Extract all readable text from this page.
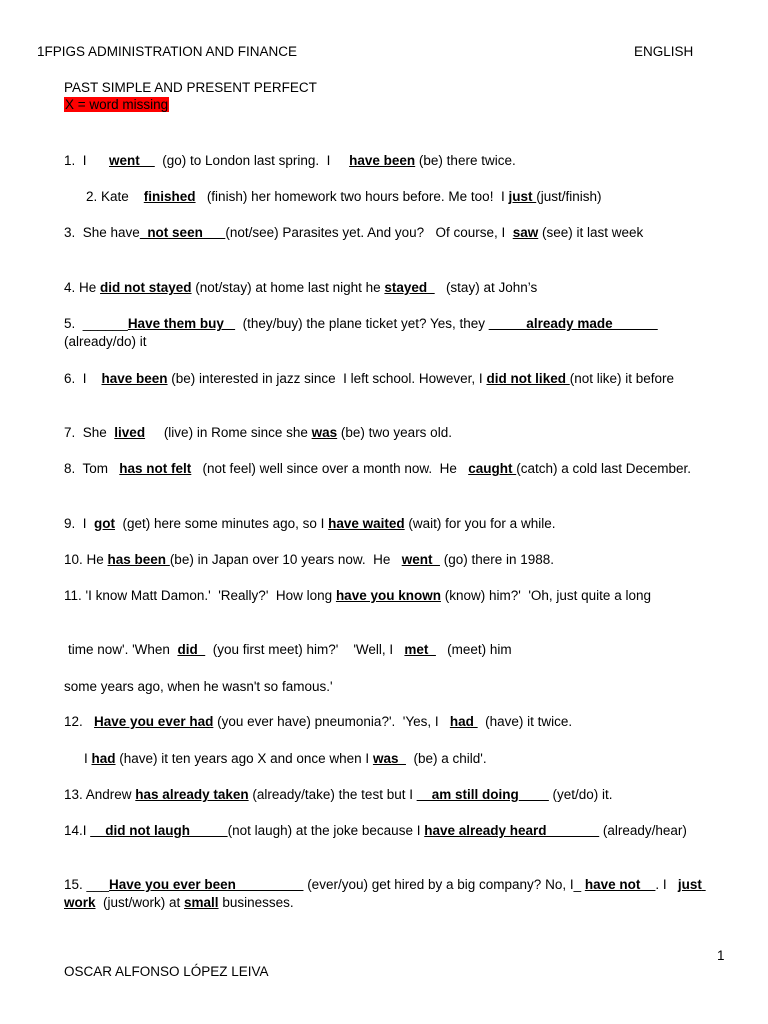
1FPIGS ADMINISTRATION AND FINANCE	ENGLISH
PAST SIMPLE AND PRESENT PERFECT
X = word missing
1.  I      went      (go) to London last spring.  I     have been (be) there twice.
2. Kate    finished   (finish) her homework two hours before. Me too!  I just (just/finish)
3.  She have  not seen      (not/see) Parasites yet. And you?   Of course, I  saw (see) it last week
4. He did not stayed (not/stay) at home last night he stayed     (stay) at John’s
5.  ______Have them buy     (they/buy) the plane ticket yet? Yes, they _____already made______ (already/do) it
6.  I    have been (be) interested in jazz since  I left school. However, I did not liked (not like) it before
7.  She  lived     (live) in Rome since she was (be) two years old.
8.  Tom   has not felt   (not feel) well since over a month now.  He   caught (catch) a cold last December.
9.  I  got  (get) here some minutes ago, so I have waited (wait) for you for a while.
10. He has been (be) in Japan over 10 years now.  He   went   (go) there in 1988.
11. 'I know Matt Damon.'  'Really?'  How long have you known (know) him?'  'Oh, just quite a long
time now'. 'When  did    (you first meet) him?'    'Well, I   met     (meet) him
some years ago, when he wasn't so famous.'
12.   Have you ever had (you ever have) pneumonia?'.  'Yes, I   had   (have) it twice.
I had (have) it ten years ago X and once when I was    (be) a child'.
13. Andrew has already taken (already/take) the test but I __am still doing____ (yet/do) it.
14.I __did not laugh_____(not laugh) at the joke because I have already heard_______ (already/hear)
15. ___Have you ever been_________ (ever/you) get hired by a big company? No, I_ have not__. I   just work  (just/work) at small businesses.
1
OSCAR ALFONSO LÓPEZ LEIVA
